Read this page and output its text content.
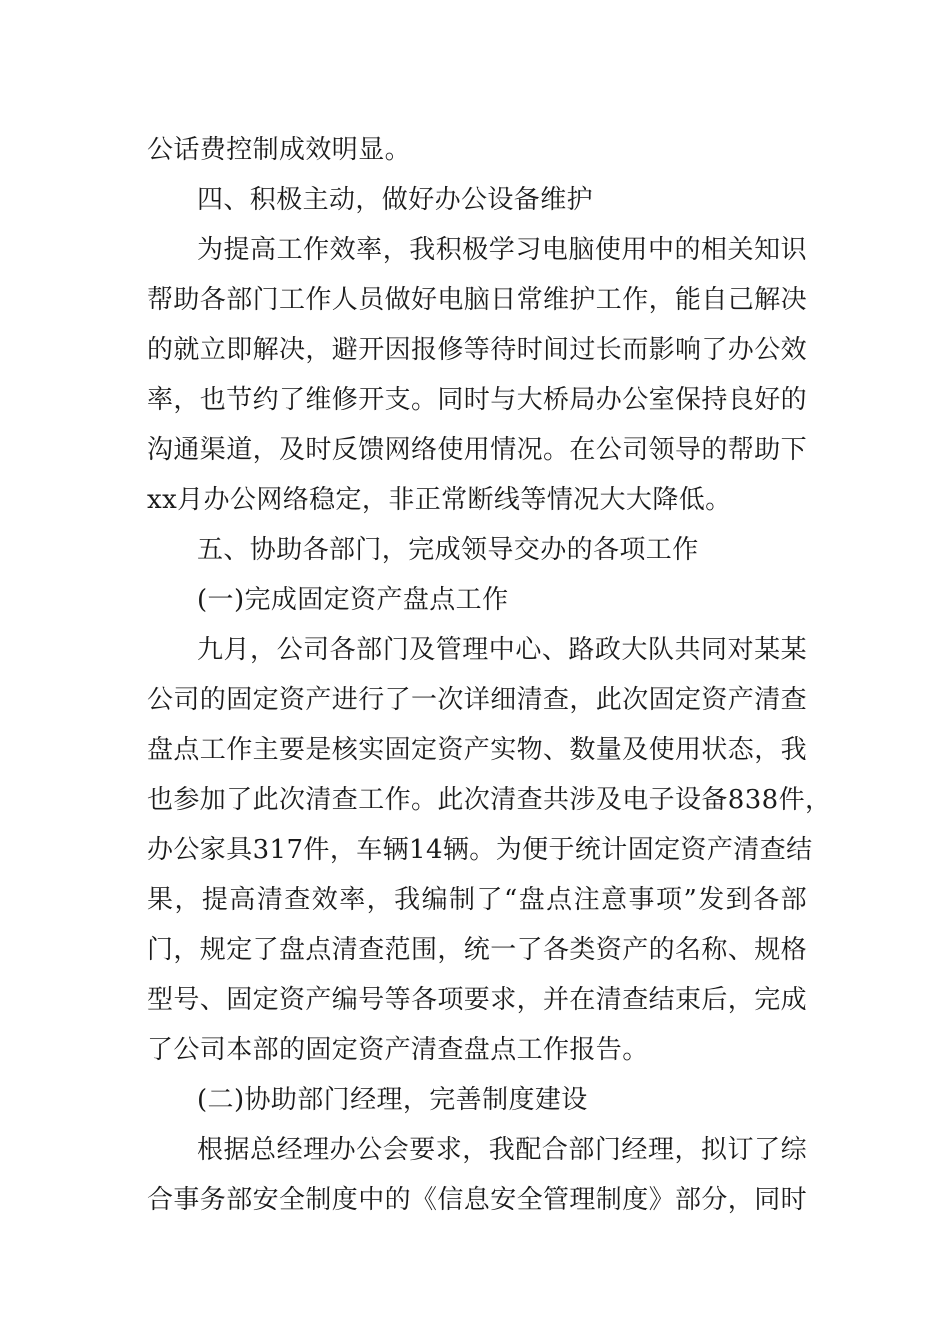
公话费控制成效明显。
四、积极主动，做好办公设备维护
为提高工作效率，我积极学习电脑使用中的相关知识
帮助各部门工作人员做好电脑日常维护工作，能自己解决
的就立即解决，避开因报修等待时间过长而影响了办公效
率，也节约了维修开支。同时与大桥局办公室保持良好的
沟通渠道，及时反馈网络使用情况。在公司领导的帮助下
xx月办公网络稳定，非正常断线等情况大大降低。
五、协助各部门，完成领导交办的各项工作
(一)完成固定资产盘点工作
九月，公司各部门及管理中心、路政大队共同对某某
公司的固定资产进行了一次详细清查，此次固定资产清查
盘点工作主要是核实固定资产实物、数量及使用状态，我
也参加了此次清查工作。此次清查共涉及电子设备838件，
办公家具317件，车辆14辆。为便于统计固定资产清查结
果，提高清查效率，我编制了“盘点注意事项”发到各部
门，规定了盘点清查范围，统一了各类资产的名称、规格
型号、固定资产编号等各项要求，并在清查结束后，完成
了公司本部的固定资产清查盘点工作报告。
(二)协助部门经理，完善制度建设
根据总经理办公会要求，我配合部门经理，拟订了综
合事务部安全制度中的《信息安全管理制度》部分，同时
